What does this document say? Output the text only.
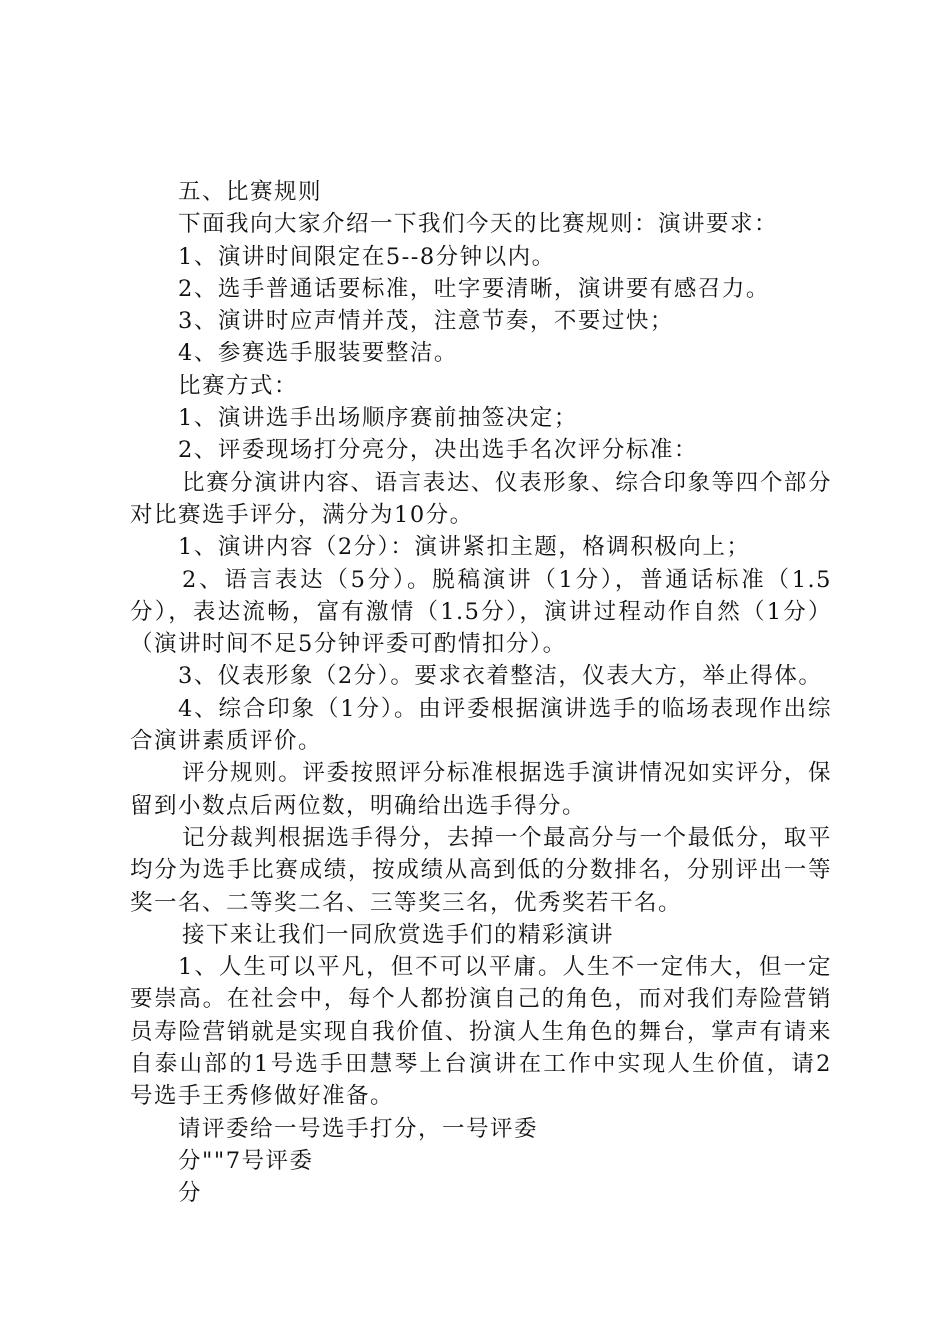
五、比赛规则

下面我向大家介绍一下我们今天的比赛规则：演讲要求：

1、演讲时间限定在5--8分钟以内。

2、选手普通话要标准，吐字要清晰，演讲要有感召力。

3、演讲时应声情并茂，注意节奏，不要过快；

4、参赛选手服装要整洁。

比赛方式：

1、演讲选手出场顺序赛前抽签决定；

2、评委现场打分亮分，决出选手名次评分标准：

比赛分演讲内容、语言表达、仪表形象、综合印象等四个部分对比赛选手评分，满分为10分。

1、演讲内容（2分）：演讲紧扣主题，格调积极向上；

2、语言表达（5分）。脱稿演讲（1分），普通话标准（1.5分），表达流畅，富有激情（1.5分），演讲过程动作自然（1分）（演讲时间不足5分钟评委可酌情扣分）。

3、仪表形象（2分）。要求衣着整洁，仪表大方，举止得体。

4、综合印象（1分）。由评委根据演讲选手的临场表现作出综合演讲素质评价。

评分规则。评委按照评分标准根据选手演讲情况如实评分，保留到小数点后两位数，明确给出选手得分。

记分裁判根据选手得分，去掉一个最高分与一个最低分，取平均分为选手比赛成绩，按成绩从高到低的分数排名，分别评出一等奖一名、二等奖二名、三等奖三名，优秀奖若干名。

接下来让我们一同欣赏选手们的精彩演讲

1、人生可以平凡，但不可以平庸。人生不一定伟大，但一定要崇高。在社会中，每个人都扮演自己的角色，而对我们寿险营销员寿险营销就是实现自我价值、扮演人生角色的舞台，掌声有请来自泰山部的1号选手田慧琴上台演讲在工作中实现人生价值，请2号选手王秀修做好准备。

请评委给一号选手打分，一号评委

分""7号评委

分
